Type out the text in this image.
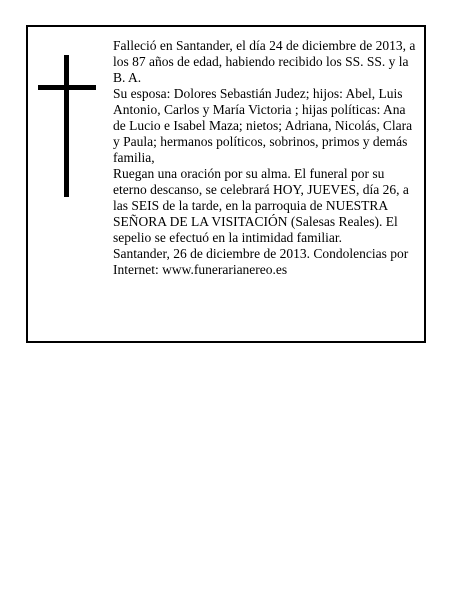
Falleció en Santander, el día 24 de diciembre de 2013, a los 87 años de edad, habiendo recibido los SS. SS. y la B. A.

Su esposa: Dolores Sebastián Judez; hijos: Abel, Luis Antonio, Carlos y María Victoria ; hijas políticas: Ana de Lucio e Isabel Maza; nietos; Adriana, Nicolás, Clara y Paula; hermanos políticos, sobrinos, primos y demás familia,

Ruegan una oración por su alma. El funeral por su eterno descanso, se celebrará HOY, JUEVES, día 26, a las SEIS de la tarde, en la parroquia de NUESTRA SEÑORA DE LA VISITACIÓN (Salesas Reales). El sepelio se efectuó en la intimidad familiar.

Santander, 26 de diciembre de 2013. Condolencias por Internet: www.funerarianereo.es
